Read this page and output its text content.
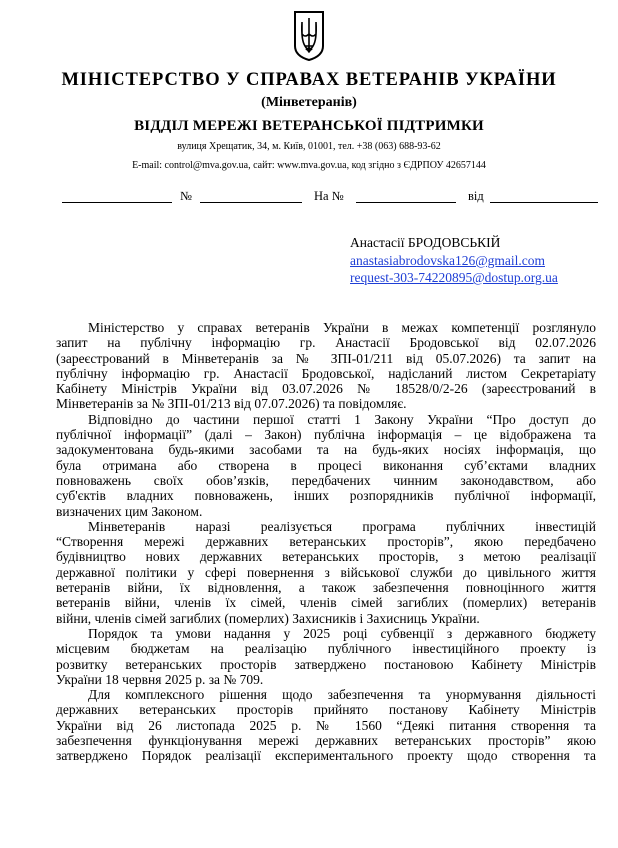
МІНІСТЕРСТВО У СПРАВАХ ВЕТЕРАНІВ УКРАЇНИ
(Мінветеранів)
ВІДДІЛ МЕРЕЖІ ВЕТЕРАНСЬКОЇ ПІДТРИМКИ
вулиця Хрещатик, 34, м. Київ, 01001, тел. +38 (063) 688-93-62
E-mail: control@mva.gov.ua, сайт: www.mva.gov.ua, код згідно з ЄДРПОУ 42657144
№	На №	від
Анастасії БРОДОВСЬКІЙ
anastasiabrodovska126@gmail.com
request-303-74220895@dostup.org.ua

Міністерство у справах ветеранів України в межах компетенції розглянуло
запит на публічну інформацію гр. Анастасії Бродовської від 02.07.2026
(зареєстрований в Мінветеранів за № ЗПІ-01/211 від 05.07.2026) та запит на
публічну інформацію гр. Анастасії Бродовської, надісланий листом Секретаріату
Кабінету Міністрів України від 03.07.2026 № 18528/0/2-26 (зареєстрований в
Мінветеранів за № ЗПІ-01/213 від 07.07.2026) та повідомляє.

Відповідно до частини першої статті 1 Закону України “Про доступ до
публічної інформації” (далі – Закон) публічна інформація – це відображена та
задокументована будь-якими засобами та на будь-яких носіях інформація, що
була отримана або створена в процесі виконання суб’єктами владних
повноважень своїх обов’язків, передбачених чинним законодавством, або
суб'єктів владних повноважень, інших розпорядників публічної інформації,
визначених цим Законом.

Мінветеранів наразі реалізується програма публічних інвестицій
“Створення мережі державних ветеранських просторів”, якою передбачено
будівництво нових державних ветеранських просторів, з метою реалізації
державної політики у сфері повернення з військової служби до цивільного життя
ветеранів війни, їх відновлення, а також забезпечення повноцінного життя
ветеранів війни, членів їх сімей, членів сімей загиблих (померлих) ветеранів
війни, членів сімей загиблих (померлих) Захисників і Захисниць України.

Порядок та умови надання у 2025 році субвенції з державного бюджету
місцевим бюджетам на реалізацію публічного інвестиційного проекту із
розвитку ветеранських просторів затверджено постановою Кабінету Міністрів
України 18 червня 2025 р. за № 709.

Для комплексного рішення щодо забезпечення та унормування діяльності
державних ветеранських просторів прийнято постанову Кабінету Міністрів
України від 26 листопада 2025 р. № 1560 “Деякі питання створення та
забезпечення функціонування мережі державних ветеранських просторів” якою
затверджено Порядок реалізації експериментального проекту щодо створення та
